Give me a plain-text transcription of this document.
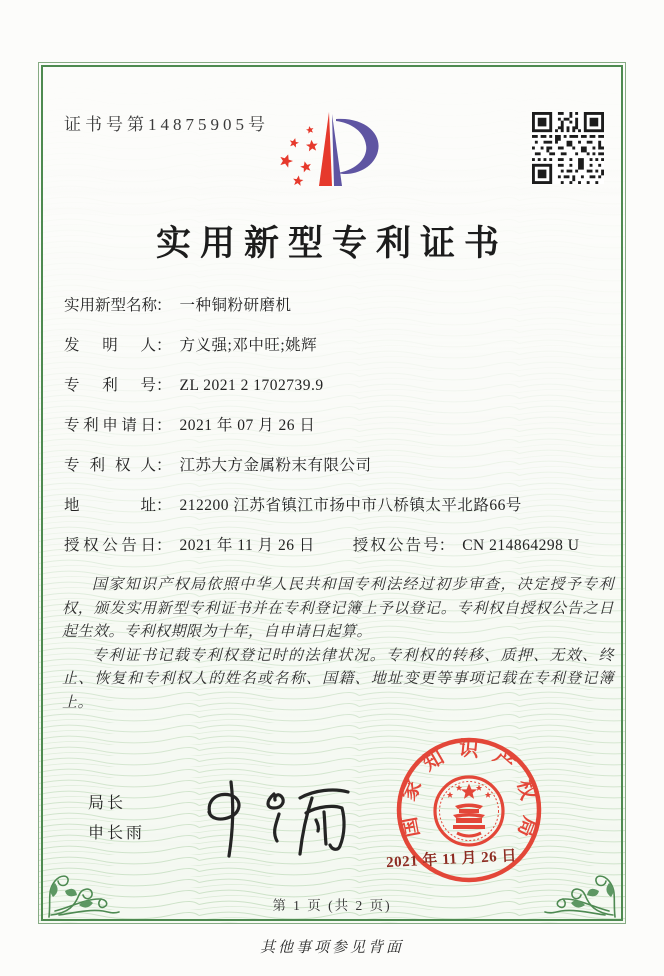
证书号第14875905号
实用新型专利证书
实用新型名称： 一种铜粉研磨机
发明人： 方义强;邓中旺;姚辉
专利号： ZL 2021 2 1702739.9
专利申请日： 2021 年 07 月 26 日
专利权人： 江苏大方金属粉末有限公司
地址： 212200 江苏省镇江市扬中市八桥镇太平北路66号
授权公告日： 2021 年 11 月 26 日 授权公告号： CN 214864298 U

国家知识产权局依照中华人民共和国专利法经过初步审查，决定授予专利权，颁发实用新型专利证书并在专利登记簿上予以登记。专利权自授权公告之日起生效。专利权期限为十年，自申请日起算。

专利证书记载专利权登记时的法律状况。专利权的转移、质押、无效、终止、恢复和专利权人的姓名或名称、国籍、地址变更等事项记载在专利登记簿上。

局长
申长雨	国家知识产权局
2021 年 11 月 26 日
第 1 页 (共 2 页)
其他事项参见背面
